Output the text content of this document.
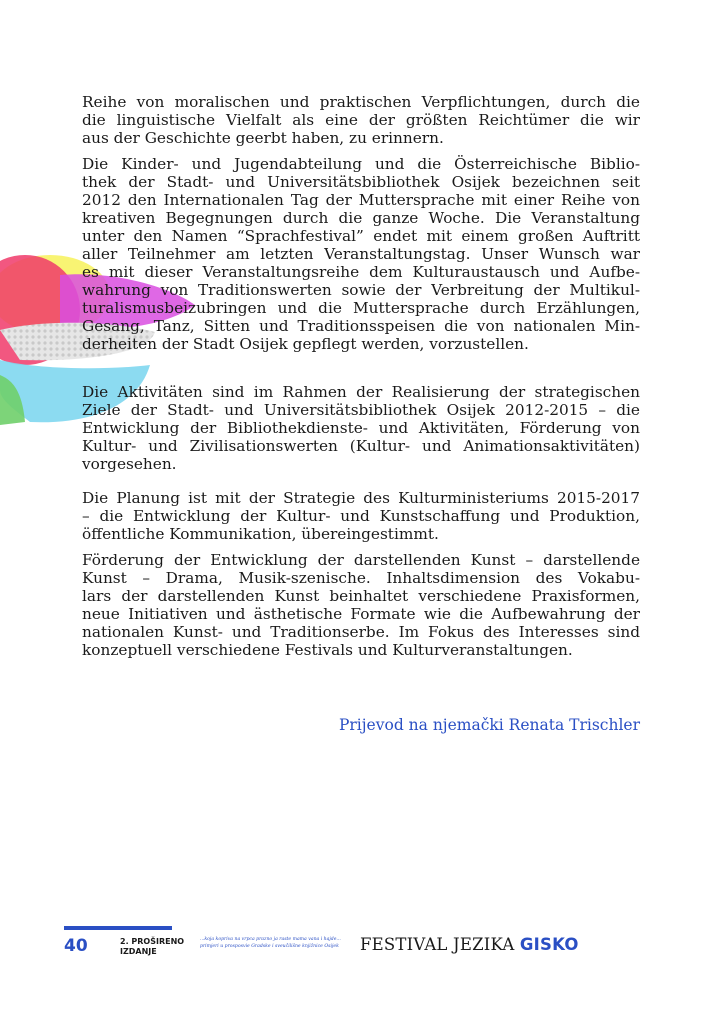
Reihe von moralischen und praktischen Verpflichtungen, durch die
die linguistische Vielfalt als eine der größten Reichtümer die wir
aus der Geschichte geerbt haben, zu erinnern.
Die Kinder- und Jugendabteilung und die Österreichische Biblio-
thek der Stadt- und Universitätsbibliothek Osijek bezeichnen seit
2012 den Internationalen Tag der Muttersprache mit einer Reihe von
kreativen Begegnungen durch die ganze Woche. Die Veranstaltung
unter den Namen “Sprachfestival” endet mit einem großen Auftritt
aller Teilnehmer am letzten Veranstaltungstag. Unser Wunsch war
es mit dieser Veranstaltungsreihe dem Kulturaustausch und Aufbe-
wahrung von Traditionswerten sowie der Verbreitung der Multikul-
turalismusbeizubringen und die Muttersprache durch Erzählungen,
Gesang, Tanz, Sitten und Traditionsspeisen die von nationalen Min-
derheiten der Stadt Osijek gepflegt werden, vorzustellen.
Die Aktivitäten sind im Rahmen der Realisierung der strategischen
Ziele der Stadt- und Universitätsbibliothek Osijek 2012-2015 – die
Entwicklung der Bibliothekdienste- und Aktivitäten, Förderung von
Kultur- und Zivilisationswerten (Kultur- und Animationsaktivitäten)
vorgesehen.
Die Planung ist mit der Strategie des Kulturministeriums 2015-2017
– die Entwicklung der Kultur- und Kunstschaffung und Produktion,
öffentliche Kommunikation, übereingestimmt.
Förderung der Entwicklung der darstellenden Kunst – darstellende
Kunst – Drama, Musik-szenische. Inhaltsdimension des Vokabu-
lars der darstellenden Kunst beinhaltet verschiedene Praxisformen,
neue Initiativen und ästhetische Formate wie die Aufbewahrung der
nationalen Kunst- und Traditionserbe. Im Fokus des Interesses sind
konzeptuell verschiedene Festivals und Kulturveranstaltungen.
Prijevod na njemački Renata Trischler
40	2. PROŠIRENO
IZDANJE
...koja kopriva na vrpca prazno ja raste mama vana i hajde...
primjeri u prosposvie Gradske i sveučilišne knjižnice Osijek	FESTIVAL JEZIKA GISKO
